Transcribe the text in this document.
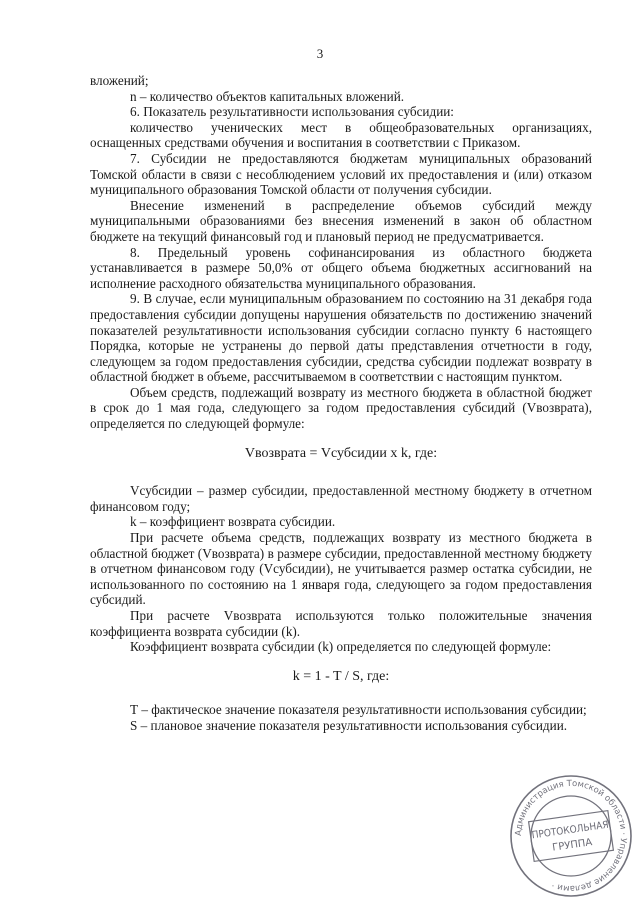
3

вложений;

n – количество объектов капитальных вложений.

6. Показатель результативности использования субсидии:

количество ученических мест в общеобразовательных организациях, оснащенных средствами обучения и воспитания в соответствии с Приказом.

7. Субсидии не предоставляются бюджетам муниципальных образований Томской области в связи с несоблюдением условий их предоставления и (или) отказом муниципального образования Томской области от получения субсидии.

Внесение изменений в распределение объемов субсидий между муниципальными образованиями без внесения изменений в закон об областном бюджете на текущий финансовый год и плановый период не предусматривается.

8. Предельный уровень софинансирования из областного бюджета устанавливается в размере 50,0% от общего объема бюджетных ассигнований на исполнение расходного обязательства муниципального образования.

9. В случае, если муниципальным образованием по состоянию на 31 декабря года предоставления субсидии допущены нарушения обязательств по достижению значений показателей результативности использования субсидии согласно пункту 6 настоящего Порядка, которые не устранены до первой даты представления отчетности в году, следующем за годом предоставления субсидии, средства субсидии подлежат возврату в областной бюджет в объеме, рассчитываемом в соответствии с настоящим пунктом.

Объем средств, подлежащий возврату из местного бюджета в областной бюджет в срок до 1 мая года, следующего за годом предоставления субсидий (Vвозврата), определяется по следующей формуле:

Vвозврата = Vсубсидии x k, где:

Vсубсидии – размер субсидии, предоставленной местному бюджету в отчетном финансовом году;

k – коэффициент возврата субсидии.

При расчете объема средств, подлежащих возврату из местного бюджета в областной бюджет (Vвозврата) в размере субсидии, предоставленной местному бюджету в отчетном финансовом году (Vсубсидии), не учитывается размер остатка субсидии, не использованного по состоянию на 1 января года, следующего за годом предоставления субсидий.

При расчете Vвозврата используются только положительные значения коэффициента возврата субсидии (k).

Коэффициент возврата субсидии (k) определяется по следующей формуле:

k = 1 - T / S, где:

Т – фактическое значение показателя результативности использования субсидии;

S – плановое значение показателя результативности использования субсидии.

Администрация Томской области · Управление делами ·
ПРОТОКОЛЬНАЯ
ГРУППА
